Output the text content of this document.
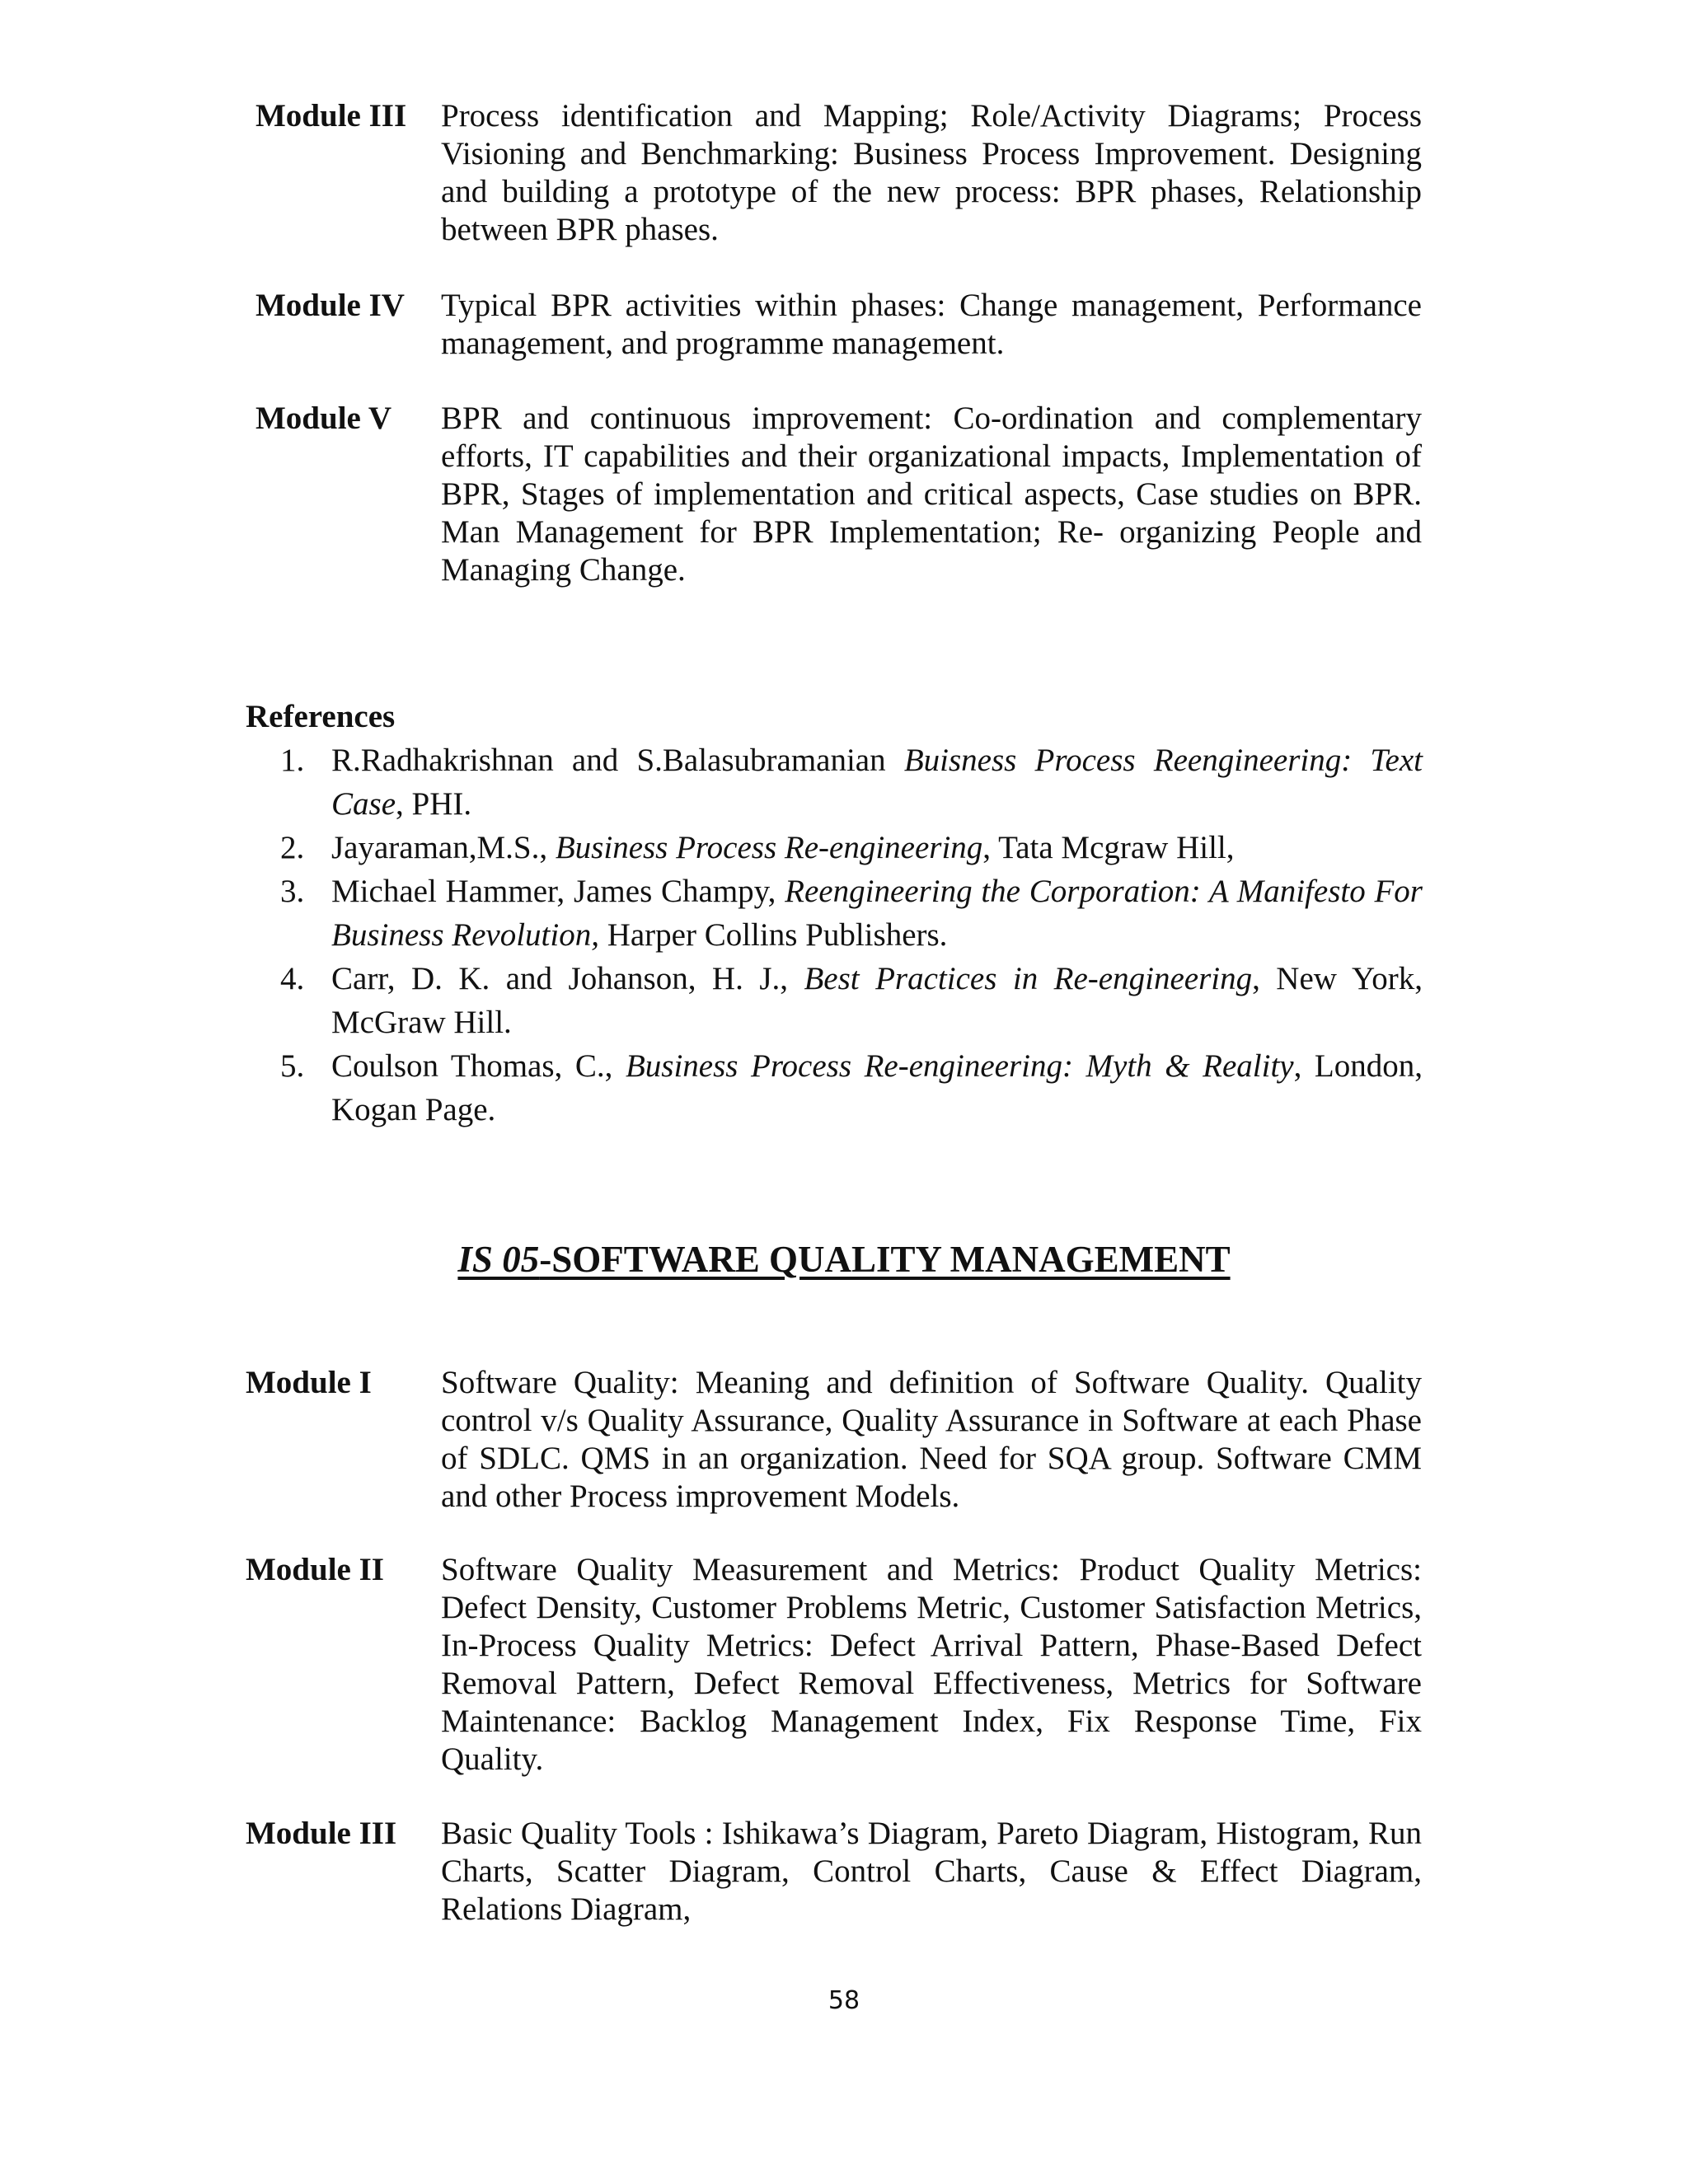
Module III Process identification and Mapping; Role/Activity Diagrams; Process Visioning and Benchmarking: Business Process Improvement. Designing and building a prototype of the new process: BPR phases, Relationship between BPR phases.
Module IV Typical BPR activities within phases: Change management, Performance management, and programme management.
Module V BPR and continuous improvement: Co-ordination and complementary efforts, IT capabilities and their organizational impacts, Implementation of BPR, Stages of implementation and critical aspects, Case studies on BPR. Man Management for BPR Implementation; Re- organizing People and Managing Change.
References
1. R.Radhakrishnan and S.Balasubramanian Buisness Process Reengineering: Text Case, PHI.
2. Jayaraman,M.S., Business Process Re-engineering, Tata Mcgraw Hill,
3. Michael Hammer, James Champy, Reengineering the Corporation: A Manifesto For Business Revolution, Harper Collins Publishers.
4. Carr, D. K. and Johanson, H. J., Best Practices in Re-engineering, New York, McGraw Hill.
5. Coulson Thomas, C., Business Process Re-engineering: Myth & Reality, London, Kogan Page.
IS 05-SOFTWARE QUALITY MANAGEMENT
Module I Software Quality: Meaning and definition of Software Quality. Quality control v/s Quality Assurance, Quality Assurance in Software at each Phase of SDLC. QMS in an organization. Need for SQA group. Software CMM and other Process improvement Models.
Module II Software Quality Measurement and Metrics: Product Quality Metrics: Defect Density, Customer Problems Metric, Customer Satisfaction Metrics, In-Process Quality Metrics: Defect Arrival Pattern, Phase-Based Defect Removal Pattern, Defect Removal Effectiveness, Metrics for Software Maintenance: Backlog Management Index, Fix Response Time, Fix Quality.
Module III Basic Quality Tools : Ishikawa’s Diagram, Pareto Diagram, Histogram, Run Charts, Scatter Diagram, Control Charts, Cause & Effect Diagram, Relations Diagram,
58
